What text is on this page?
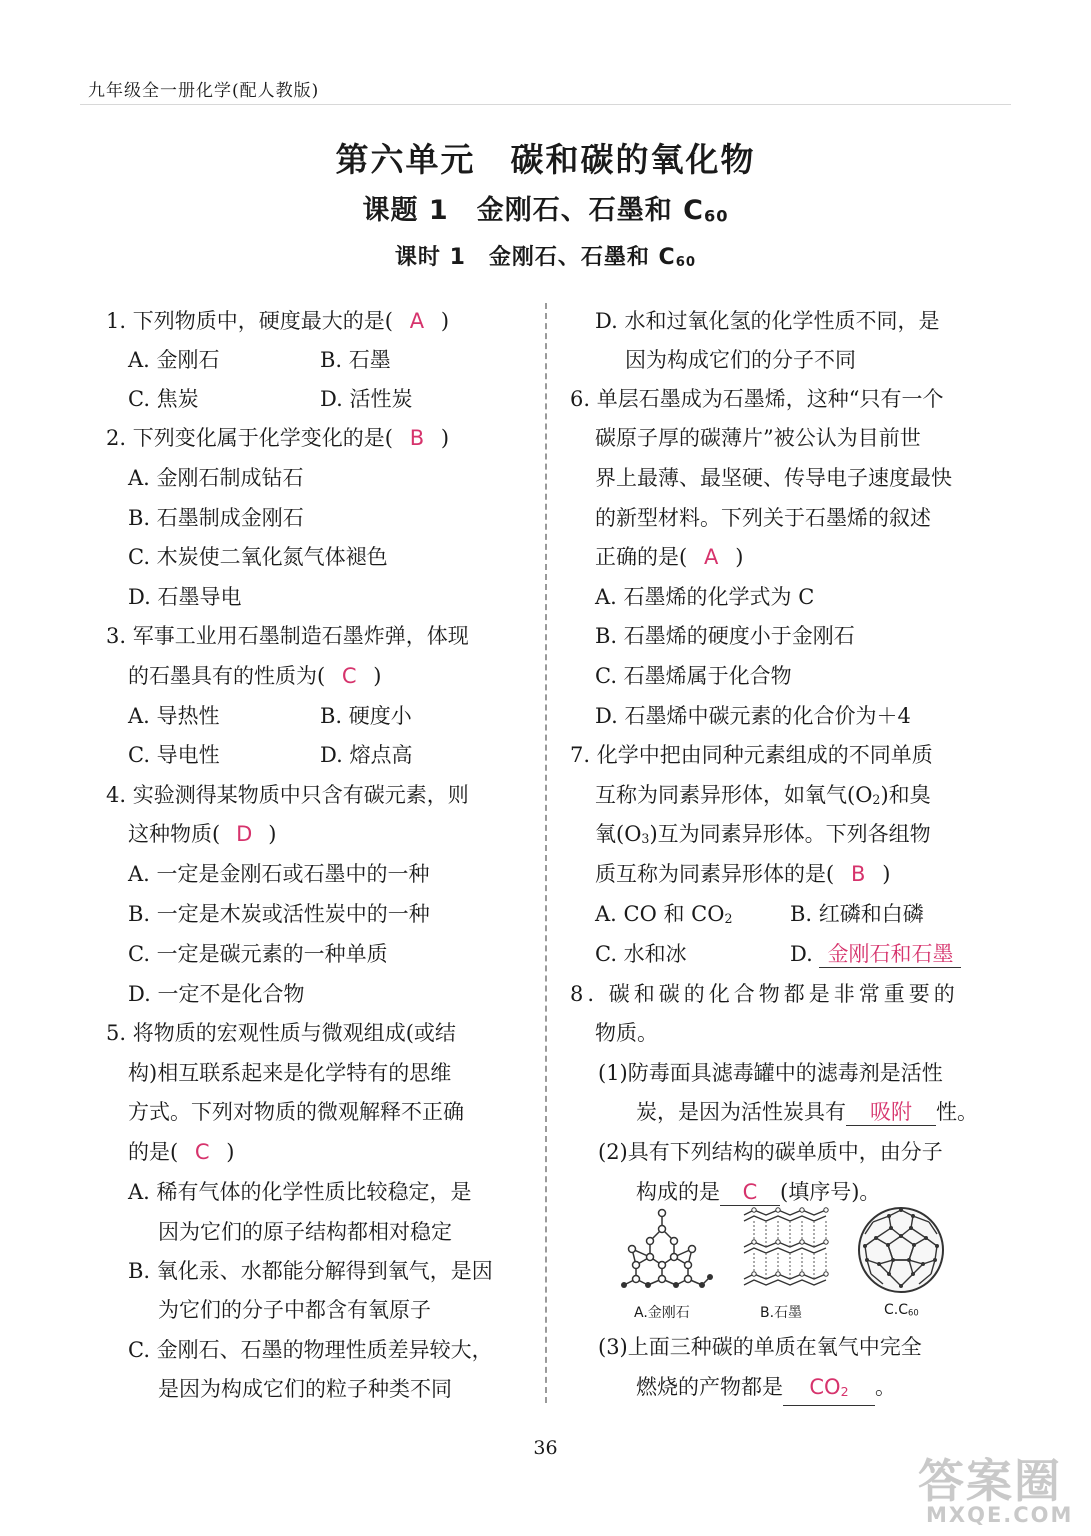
九年级全一册化学(配人教版)
第六单元　碳和碳的氧化物
课题 1　金刚石、石墨和 C60
课时 1　金刚石、石墨和 C60
1. 下列物质中，硬度最大的是( A )
A. 金刚石	B. 石墨
C. 焦炭	D. 活性炭
2. 下列变化属于化学变化的是( B )
A. 金刚石制成钻石
B. 石墨制成金刚石
C. 木炭使二氧化氮气体褪色
D. 石墨导电
3. 军事工业用石墨制造石墨炸弹，体现
的石墨具有的性质为( C )
A. 导热性	B. 硬度小
C. 导电性	D. 熔点高
4. 实验测得某物质中只含有碳元素，则
这种物质( D )
A. 一定是金刚石或石墨中的一种
B. 一定是木炭或活性炭中的一种
C. 一定是碳元素的一种单质
D. 一定不是化合物
5. 将物质的宏观性质与微观组成(或结
构)相互联系起来是化学特有的思维
方式。下列对物质的微观解释不正确
的是( C )
A. 稀有气体的化学性质比较稳定，是
因为它们的原子结构都相对稳定
B. 氧化汞、水都能分解得到氧气，是因
为它们的分子中都含有氧原子
C. 金刚石、石墨的物理性质差异较大，
是因为构成它们的粒子种类不同
D. 水和过氧化氢的化学性质不同，是
因为构成它们的分子不同
6. 单层石墨成为石墨烯，这种“只有一个
碳原子厚的碳薄片”被公认为目前世
界上最薄、最坚硬、传导电子速度最快
的新型材料。下列关于石墨烯的叙述
正确的是( A )
A. 石墨烯的化学式为 C
B. 石墨烯的硬度小于金刚石
C. 石墨烯属于化合物
D. 石墨烯中碳元素的化合价为＋4
7. 化学中把由同种元素组成的不同单质
互称为同素异形体，如氧气(O2)和臭
氧(O3)互为同素异形体。下列各组物
质互称为同素异形体的是( B )
A. CO 和 CO2	B. 红磷和白磷
C. 水和冰	D. 金刚石和石墨
8. 碳和碳的化合物都是非常重要的
物质。
(1)防毒面具滤毒罐中的滤毒剂是活性
炭，是因为活性炭具有 吸附 性。
(2)具有下列结构的碳单质中，由分子
构成的是 C (填序号)。
A.金刚石	B.石墨	C.C60
(3)上面三种碳的单质在氧气中完全
燃烧的产物都是 CO2 。
36
答案圈
MXQE.COM
